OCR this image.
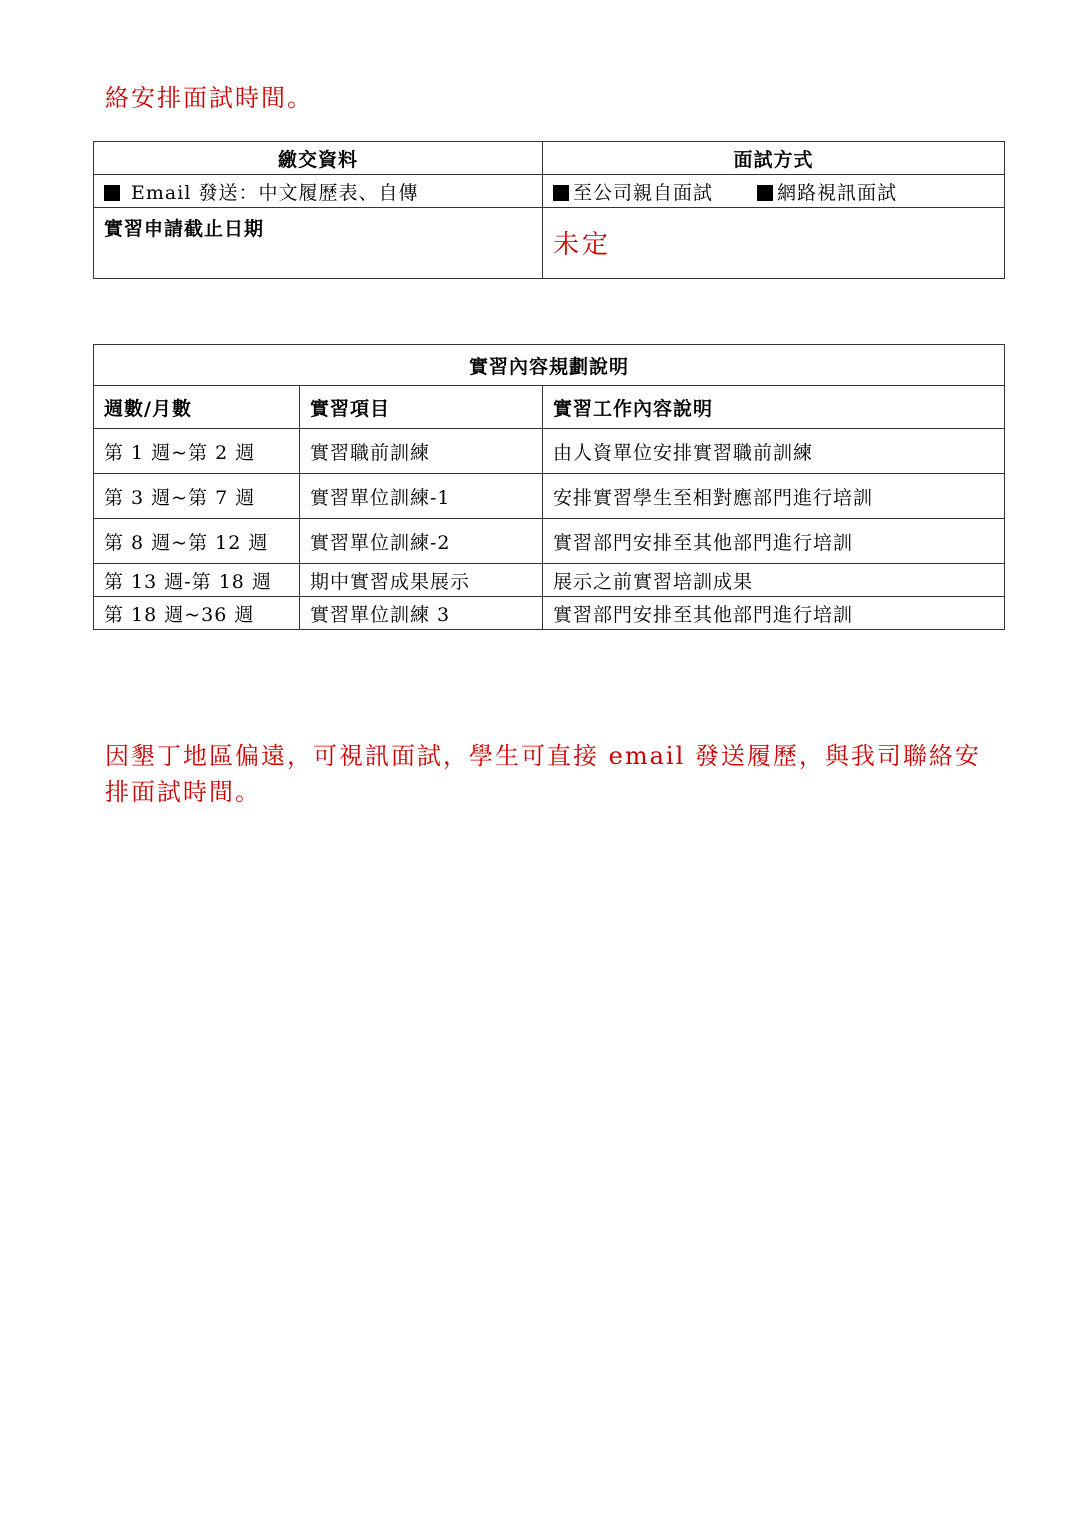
絡安排面試時間。
繳交資料	面試方式
Email 發送：中文履歷表、自傳	至公司親自面試 網路視訊面試
實習申請截止日期	未定
實習內容規劃說明		
週數/月數	實習項目	實習工作內容說明
第 1 週~第 2 週	實習職前訓練	由人資單位安排實習職前訓練
第 3 週~第 7 週	實習單位訓練-1	安排實習學生至相對應部門進行培訓
第 8 週~第 12 週	實習單位訓練-2	實習部門安排至其他部門進行培訓
第 13 週-第 18 週	期中實習成果展示	展示之前實習培訓成果
第 18 週~36 週	實習單位訓練 3	實習部門安排至其他部門進行培訓
因墾丁地區偏遠，可視訊面試，學生可直接 email 發送履歷，與我司聯絡安排面試時間。
